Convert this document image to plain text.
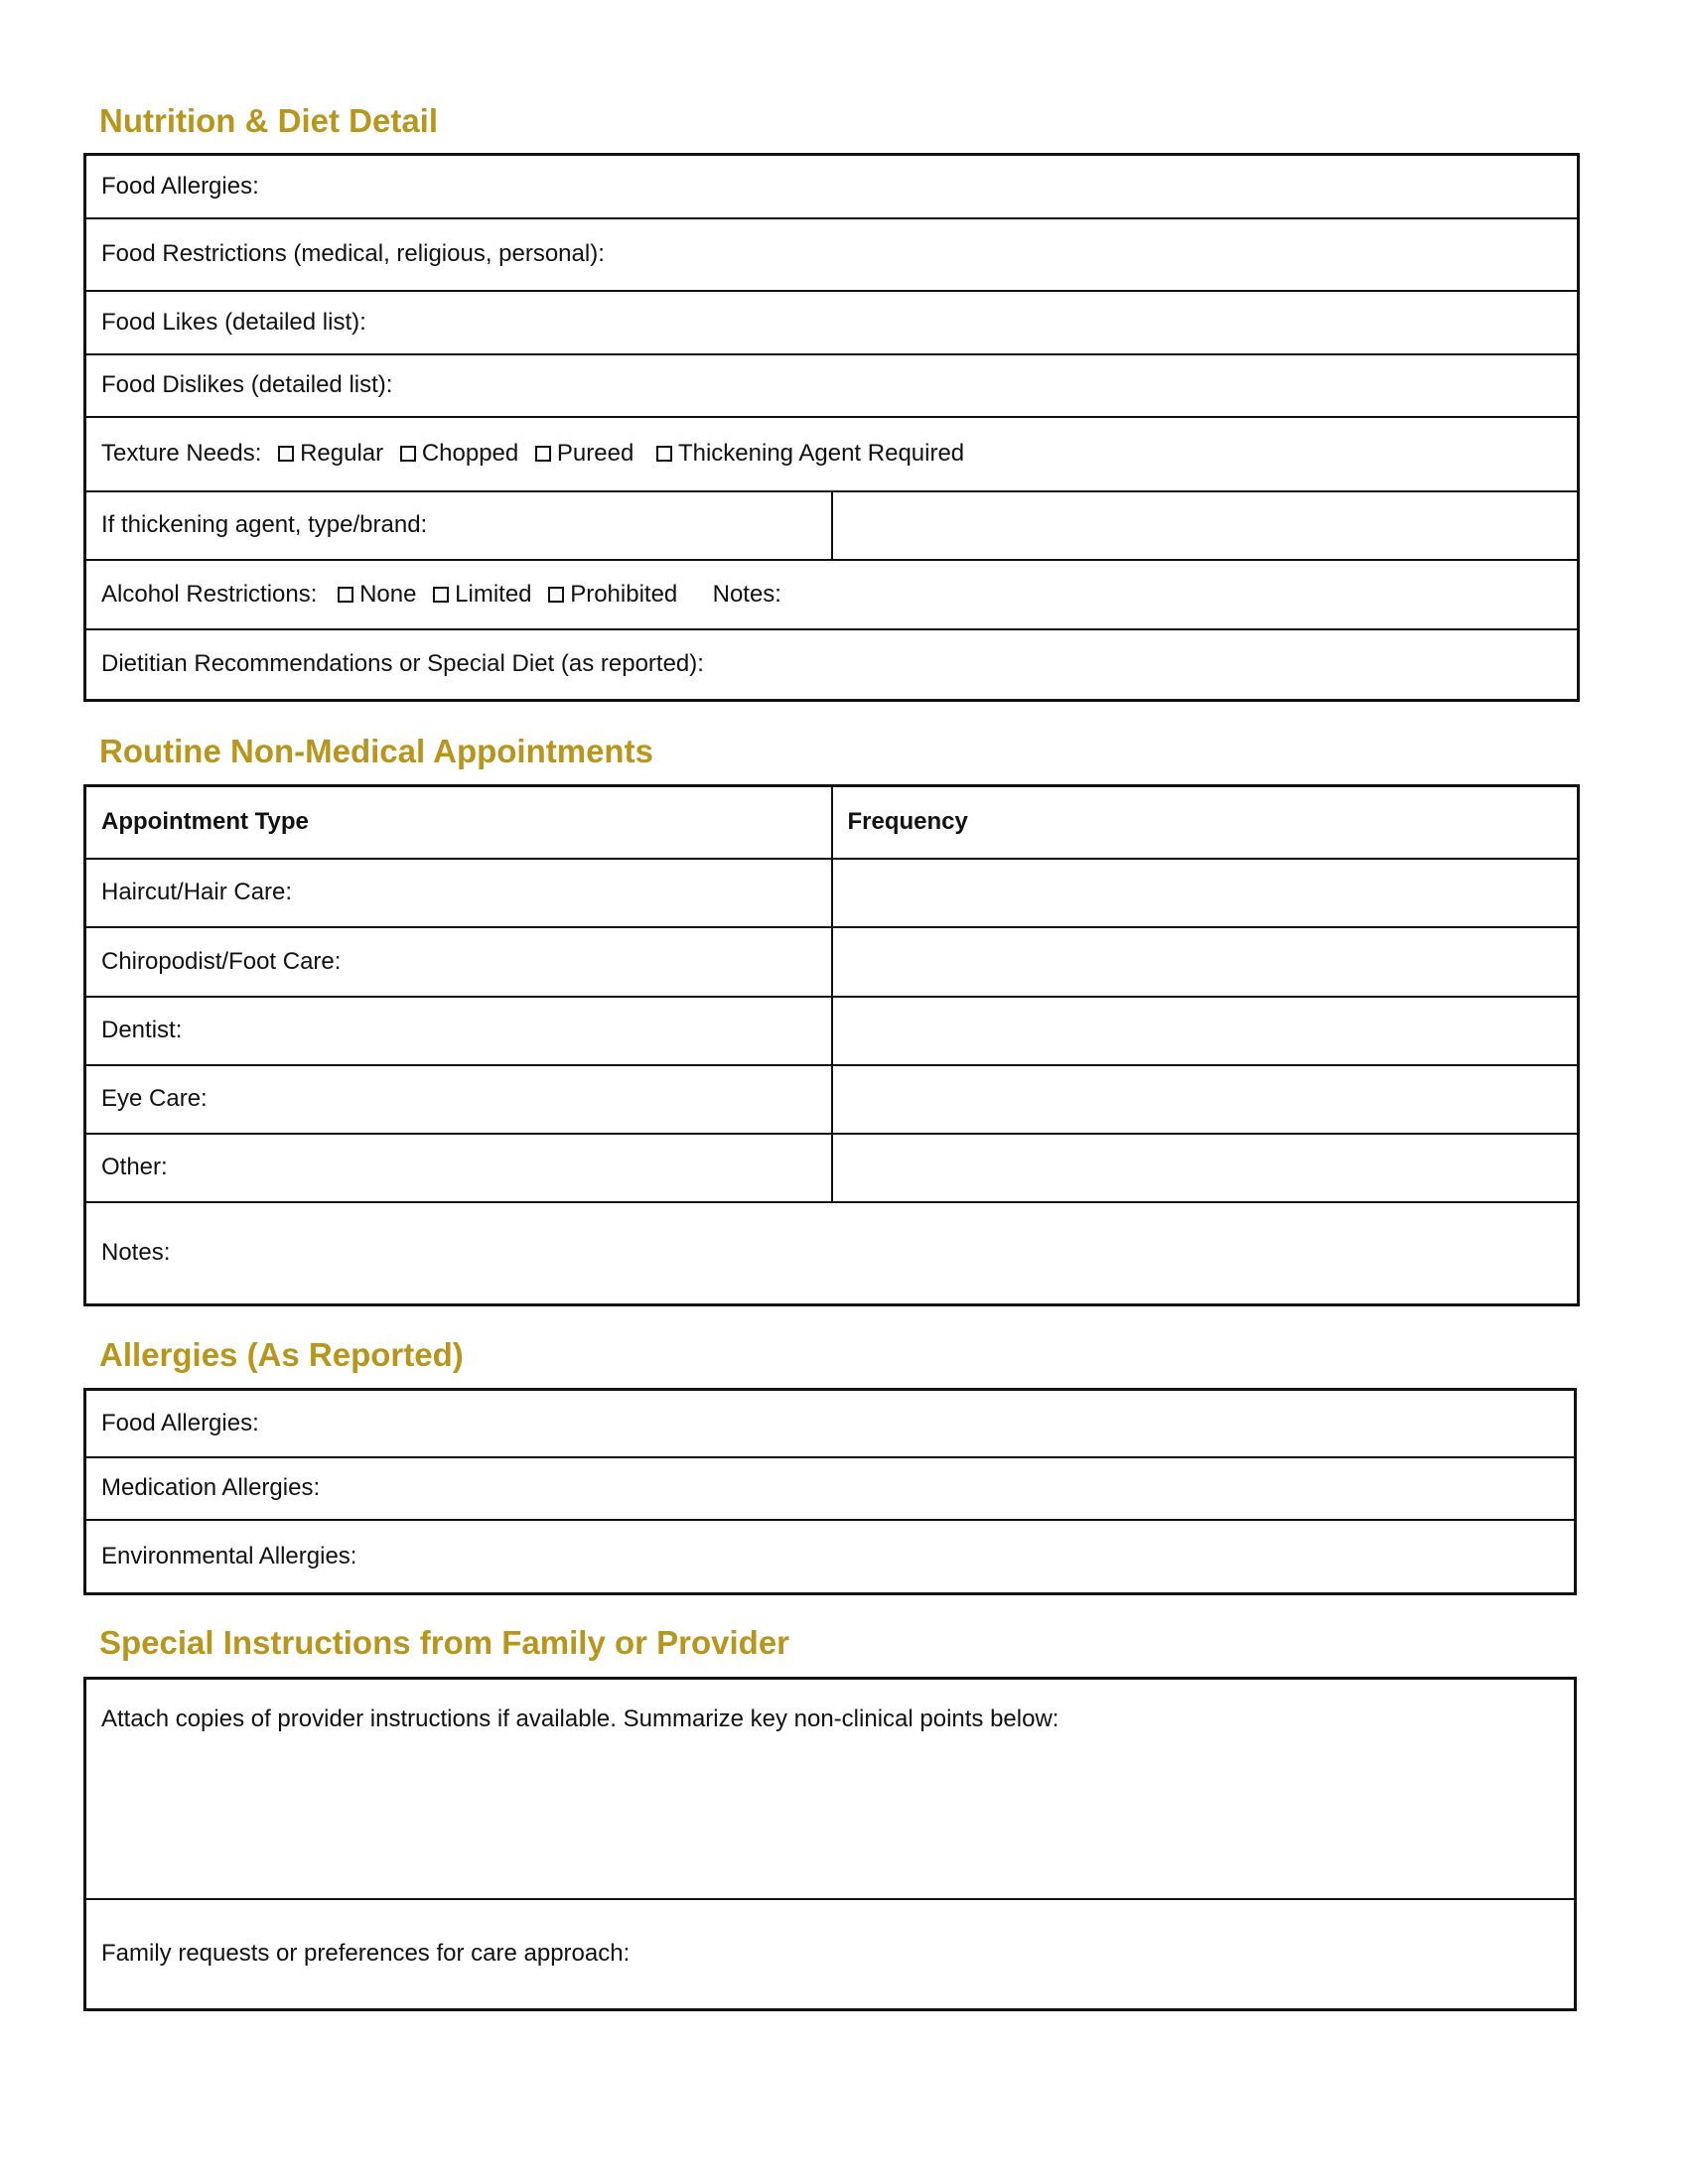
Nutrition & Diet Detail
Food Allergies:
Food Restrictions (medical, religious, personal):
Food Likes (detailed list):
Food Dislikes (detailed list):
Texture Needs: Regular Chopped Pureed Thickening Agent Required
If thickening agent, type/brand:	
Alcohol Restrictions: None Limited Prohibited Notes:
Dietitian Recommendations or Special Diet (as reported):
Routine Non-Medical Appointments
Appointment Type	Frequency
Haircut/Hair Care:	
Chiropodist/Foot Care:	
Dentist:	
Eye Care:	
Other:	
Notes:	
Allergies (As Reported)
Food Allergies:
Medication Allergies:
Environmental Allergies:
Special Instructions from Family or Provider
Attach copies of provider instructions if available. Summarize key non-clinical points below:
Family requests or preferences for care approach:
